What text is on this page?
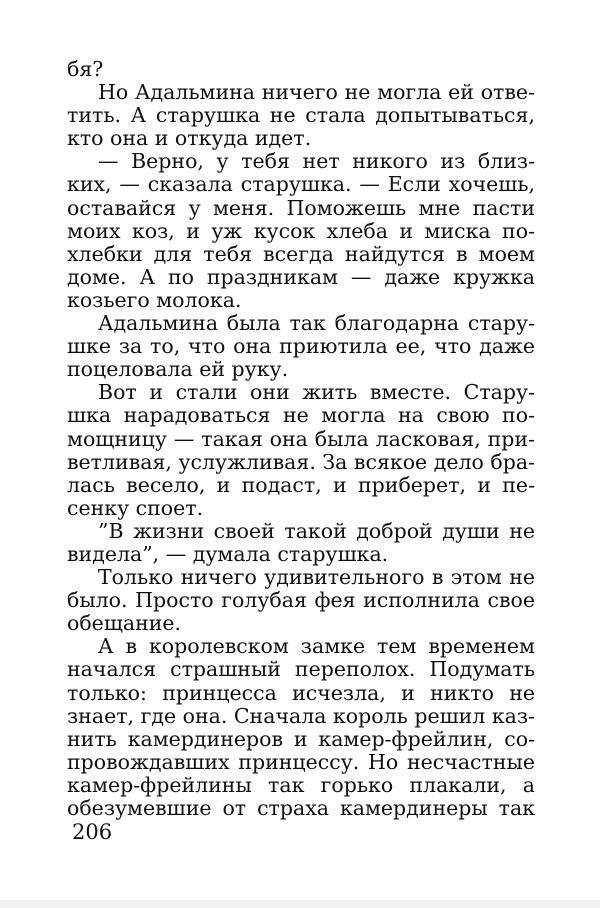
бя?
Но Адальмина ничего не могла ей отве-
тить. А старушка не стала допытываться,
кто она и откуда идет.
— Верно, у тебя нет никого из близ-
ких, — сказала старушка. — Если хочешь,
оставайся у меня. Поможешь мне пасти
моих коз, и уж кусок хлеба и миска по-
хлебки для тебя всегда найдутся в моем
доме. А по праздникам — даже кружка
козьего молока.
Адальмина была так благодарна стару-
шке за то, что она приютила ее, что даже
поцеловала ей руку.
Вот и стали они жить вместе. Стару-
шка нарадоваться не могла на свою по-
мощницу — такая она была ласковая, при-
ветливая, услужливая. За всякое дело бра-
лась весело, и подаст, и приберет, и пе-
сенку споет.
”В жизни своей такой доброй души не
видела”, — думала старушка.
Только ничего удивительного в этом не
было. Просто голубая фея исполнила свое
обещание.
А в королевском замке тем временем
начался страшный переполох. Подумать
только: принцесса исчезла, и никто не
знает, где она. Сначала король решил каз-
нить камердинеров и камер-фрейлин, со-
провождавших принцессу. Но несчастные
камер-фрейлины так горько плакали, а
обезумевшие от страха камердинеры так
206
